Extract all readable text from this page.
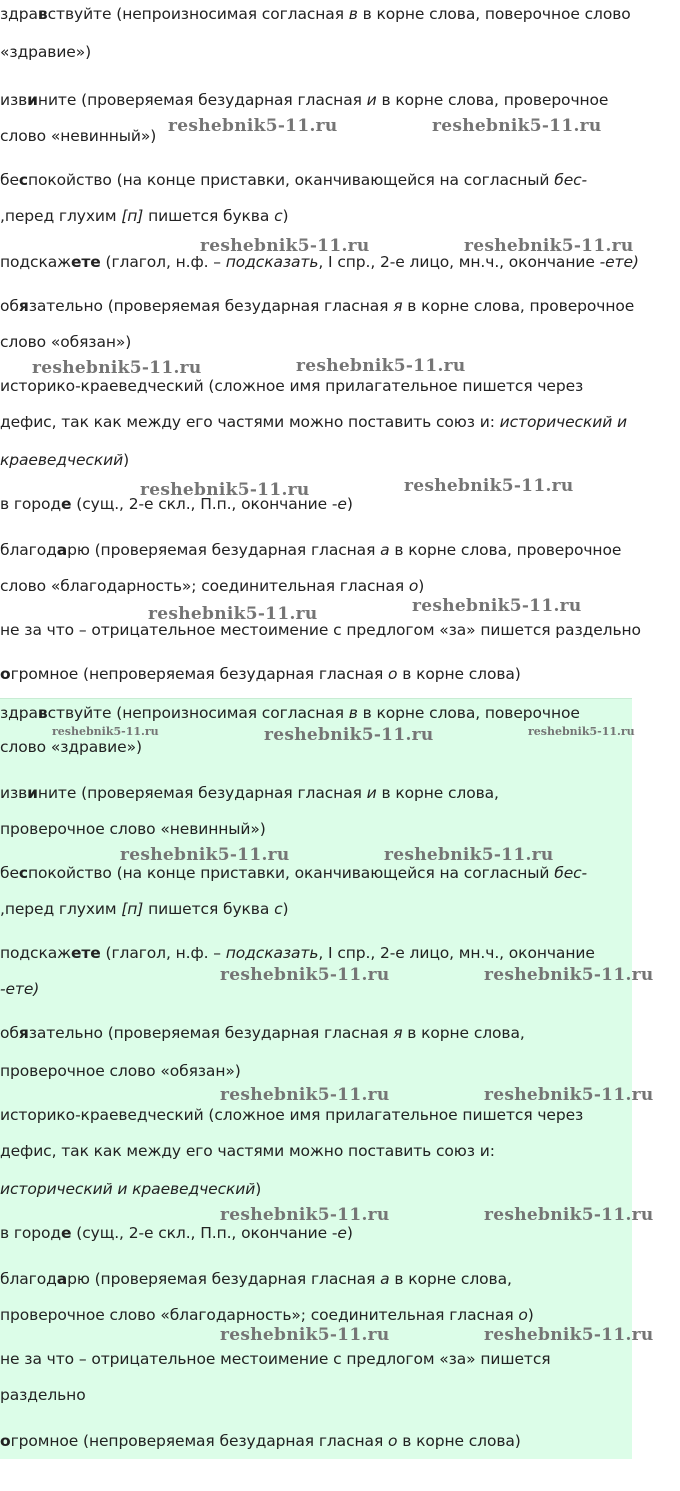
здравствуйте (непроизносимая согласная в в корне слова, поверочное слово
«здравие»)
извините (проверяемая безударная гласная и в корне слова, проверочное
слово «невинный»)
беспокойство (на конце приставки, оканчивающейся на согласный бес-
,перед глухим [п] пишется буква с)
подскажете (глагол, н.ф. – подсказать, I спр., 2-е лицо, мн.ч., окончание -ете)
обязательно (проверяемая безударная гласная я в корне слова, проверочное
слово «обязан»)
историко-краеведческий (сложное имя прилагательное пишется через
дефис, так как между его частями можно поставить союз и: исторический и
краеведческий)
в городе (сущ., 2-е скл., П.п., окончание -е)
благодарю (проверяемая безударная гласная а в корне слова, проверочное
слово «благодарность»; соединительная гласная о)
не за что – отрицательное местоимение с предлогом «за» пишется раздельно
огромное (непроверяемая безударная гласная о в корне слова)
reshebnik5-11.ru	reshebnik5-11.ru
reshebnik5-11.ru	reshebnik5-11.ru
reshebnik5-11.ru	reshebnik5-11.ru
reshebnik5-11.ru	reshebnik5-11.ru
reshebnik5-11.ru	reshebnik5-11.ru
здравствуйте (непроизносимая согласная в в корне слова, поверочное
слово «здравие»)
извините (проверяемая безударная гласная и в корне слова,
проверочное слово «невинный»)
беспокойство (на конце приставки, оканчивающейся на согласный бес-
,перед глухим [п] пишется буква с)
подскажете (глагол, н.ф. – подсказать, I спр., 2-е лицо, мн.ч., окончание
-ете)
обязательно (проверяемая безударная гласная я в корне слова,
проверочное слово «обязан»)
историко-краеведческий (сложное имя прилагательное пишется через
дефис, так как между его частями можно поставить союз и:
исторический и краеведческий)
в городе (сущ., 2-е скл., П.п., окончание -е)
благодарю (проверяемая безударная гласная а в корне слова,
проверочное слово «благодарность»; соединительная гласная о)
не за что – отрицательное местоимение с предлогом «за» пишется
раздельно
огромное (непроверяемая безударная гласная о в корне слова)
reshebnik5-11.ru	reshebnik5-11.ru	reshebnik5-11.ru
reshebnik5-11.ru	reshebnik5-11.ru
reshebnik5-11.ru	reshebnik5-11.ru
reshebnik5-11.ru	reshebnik5-11.ru
reshebnik5-11.ru	reshebnik5-11.ru
reshebnik5-11.ru	reshebnik5-11.ru
